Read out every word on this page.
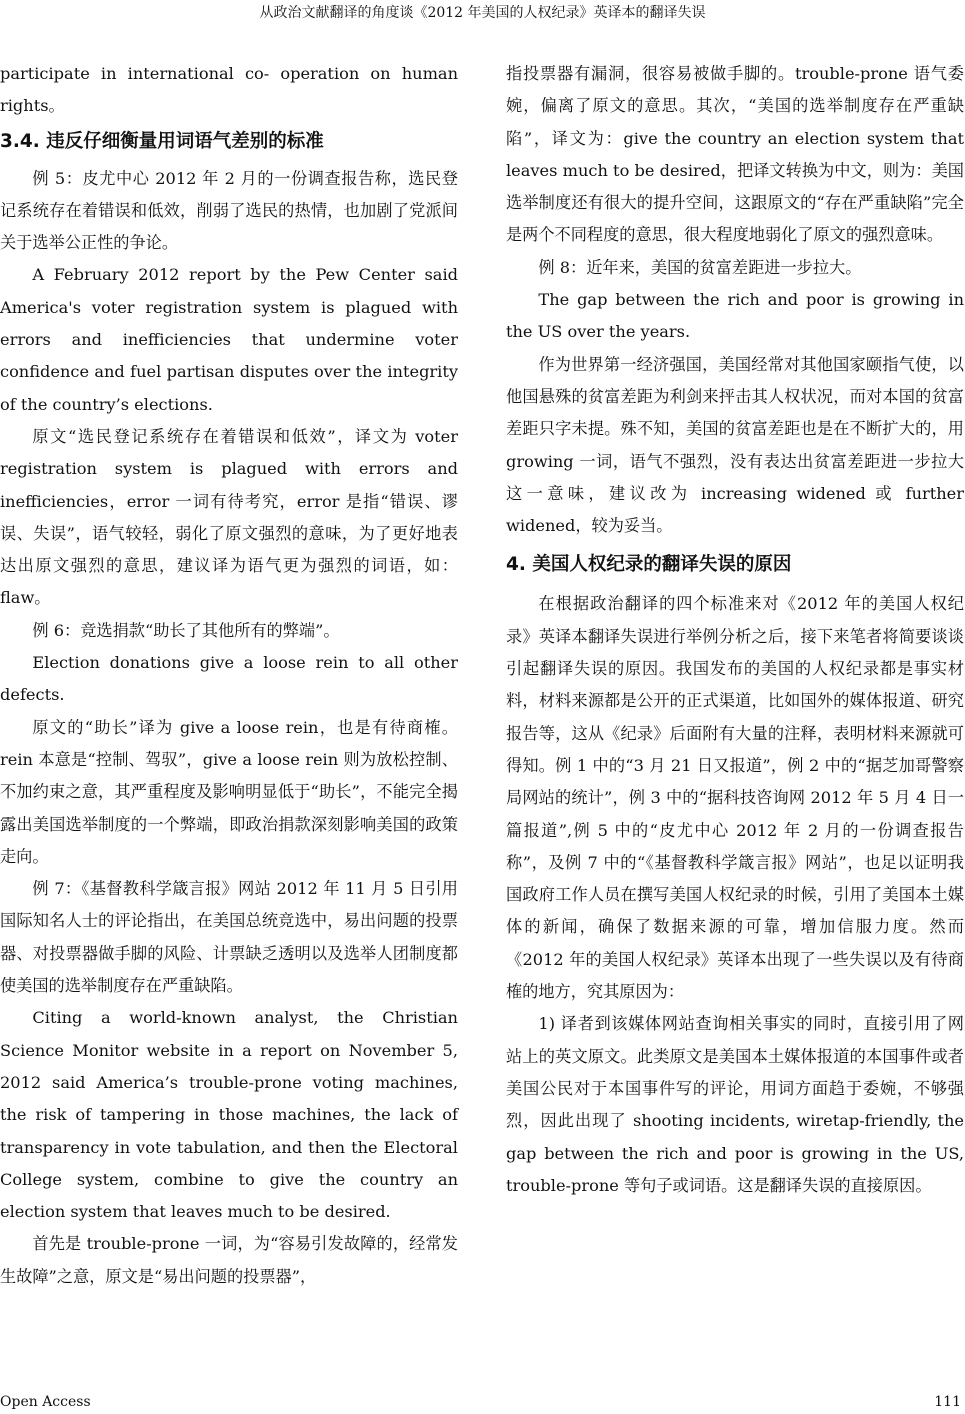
从政治文献翻译的角度谈《2012 年美国的人权纪录》英译本的翻译失误

participate in international co- operation on human rights。

3.4. 违反仔细衡量用词语气差别的标准

例 5：皮尤中心 2012 年 2 月的一份调查报告称，选民登记系统存在着错误和低效，削弱了选民的热情，也加剧了党派间关于选举公正性的争论。

A February 2012 report by the Pew Center said America's voter registration system is plagued with errors and inefficiencies that undermine voter confidence and fuel partisan disputes over the integrity of the country’s elections.

原文“选民登记系统存在着错误和低效”，译文为 voter registration system is plagued with errors and inefficiencies，error 一词有待考究，error 是指“错误、谬误、失误”，语气较轻，弱化了原文强烈的意味，为了更好地表达出原文强烈的意思，建议译为语气更为强烈的词语，如：flaw。

例 6：竞选捐款“助长了其他所有的弊端”。

Election donations give a loose rein to all other defects.

原文的“助长”译为 give a loose rein，也是有待商榷。rein 本意是“控制、驾驭”，give a loose rein 则为放松控制、不加约束之意，其严重程度及影响明显低于“助长”，不能完全揭露出美国选举制度的一个弊端，即政治捐款深刻影响美国的政策走向。

例 7：《基督教科学箴言报》网站 2012 年 11 月 5 日引用国际知名人士的评论指出，在美国总统竞选中，易出问题的投票器、对投票器做手脚的风险、计票缺乏透明以及选举人团制度都使美国的选举制度存在严重缺陷。

Citing a world-known analyst, the Christian Science Monitor website in a report on November 5, 2012 said America’s trouble-prone voting machines, the risk of tampering in those machines, the lack of transparency in vote tabulation, and then the Electoral College system, combine to give the country an election system that leaves much to be desired.

首先是 trouble-prone 一词，为“容易引发故障的，经常发生故障”之意，原文是“易出问题的投票器”，

指投票器有漏洞，很容易被做手脚的。trouble-prone 语气委婉，偏离了原文的意思。其次，“美国的选举制度存在严重缺陷”，译文为：give the country an election system that leaves much to be desired，把译文转换为中文，则为：美国选举制度还有很大的提升空间，这跟原文的“存在严重缺陷”完全是两个不同程度的意思，很大程度地弱化了原文的强烈意味。

例 8：近年来，美国的贫富差距进一步拉大。

The gap between the rich and poor is growing in the US over the years.

作为世界第一经济强国，美国经常对其他国家颐指气使，以他国悬殊的贫富差距为利剑来抨击其人权状况，而对本国的贫富差距只字未提。殊不知，美国的贫富差距也是在不断扩大的，用 growing 一词，语气不强烈，没有表达出贫富差距进一步拉大这一意味，建议改为 increasing widened 或 further widened，较为妥当。

4. 美国人权纪录的翻译失误的原因

在根据政治翻译的四个标准来对《2012 年的美国人权纪录》英译本翻译失误进行举例分析之后，接下来笔者将简要谈谈引起翻译失误的原因。我国发布的美国的人权纪录都是事实材料，材料来源都是公开的正式渠道，比如国外的媒体报道、研究报告等，这从《纪录》后面附有大量的注释，表明材料来源就可得知。例 1 中的“3 月 21 日又报道”，例 2 中的“据芝加哥警察局网站的统计”，例 3 中的“据科技咨询网 2012 年 5 月 4 日一篇报道”,例 5 中的“皮尤中心 2012 年 2 月的一份调查报告称”，及例 7 中的“《基督教科学箴言报》网站”，也足以证明我国政府工作人员在撰写美国人权纪录的时候，引用了美国本土媒体的新闻，确保了数据来源的可靠，增加信服力度。然而《2012 年的美国人权纪录》英译本出现了一些失误以及有待商榷的地方，究其原因为：

1) 译者到该媒体网站查询相关事实的同时，直接引用了网站上的英文原文。此类原文是美国本土媒体报道的本国事件或者美国公民对于本国事件写的评论，用词方面趋于委婉，不够强烈，因此出现了 shooting incidents, wiretap-friendly, the gap between the rich and poor is growing in the US, trouble-prone 等句子或词语。这是翻译失误的直接原因。

Open Access	111
